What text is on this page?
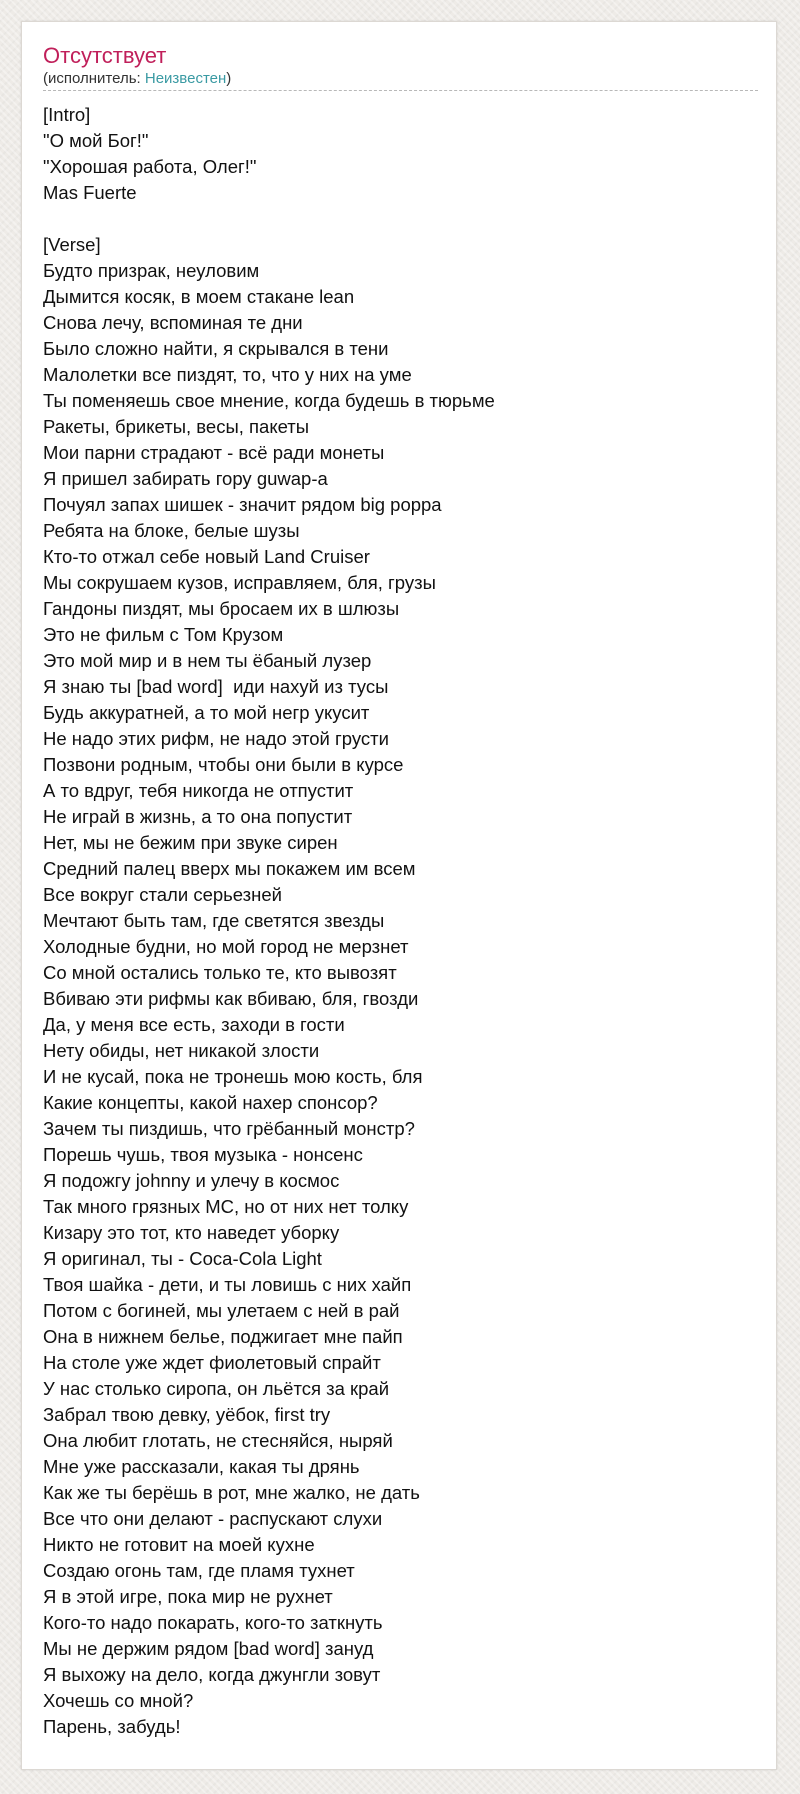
Отсутствует
(исполнитель: Неизвестен)
[Intro]
"О мой Бог!"
"Хорошая работа, Олег!"
Mas Fuerte
[Verse]
Будто призрак, неуловим
Дымится косяк, в моем стакане lean
Снова лечу, вспоминая те дни
Было сложно найти, я скрывался в тени
Малолетки все пиздят, то, что у них на уме
Ты поменяешь свое мнение, когда будешь в тюрьме
Ракеты, брикеты, весы, пакеты
Мои парни страдают - всё ради монеты
Я пришел забирать гору guwap-а
Почуял запах шишек - значит рядом big poppa
Ребята на блоке, белые шузы
Кто-то отжал себе новый Land Cruiser
Мы сокрушаем кузов, исправляем, бля, грузы
Гандоны пиздят, мы бросаем их в шлюзы
Это не фильм с Том Крузом
Это мой мир и в нем ты ёбаный лузер
Я знаю ты [bad word]  иди нахуй из тусы
Будь аккуратней, а то мой негр укусит
Не надо этих рифм, не надо этой грусти
Позвони родным, чтобы они были в курсе
А то вдруг, тебя никогда не отпустит
Не играй в жизнь, а то она попустит
Нет, мы не бежим при звуке сирен
Средний палец вверх мы покажем им всем
Все вокруг стали серьезней
Мечтают быть там, где светятся звезды
Холодные будни, но мой город не мерзнет
Со мной остались только те, кто вывозят
Вбиваю эти рифмы как вбиваю, бля, гвозди
Да, у меня все есть, заходи в гости
Нету обиды, нет никакой злости
И не кусай, пока не тронешь мою кость, бля
Какие концепты, какой нахер спонсор?
Зачем ты пиздишь, что грёбанный монстр?
Порешь чушь, твоя музыка - нонсенс
Я подожгу johnny и улечу в космос
Так много грязных МС, но от них нет толку
Кизару это тот, кто наведет уборку
Я оригинал, ты - Coca-Cola Light
Твоя шайка - дети, и ты ловишь с них хайп
Потом с богиней, мы улетаем с ней в рай
Она в нижнем белье, поджигает мне пайп
На столе уже ждет фиолетовый спрайт
У нас столько сиропа, он льётся за край
Забрал твою девку, уёбок, first try
Она любит глотать, не стесняйся, ныряй
Мне уже рассказали, какая ты дрянь
Как же ты берёшь в рот, мне жалко, не дать
Все что они делают - распускают слухи
Никто не готовит на моей кухне
Создаю огонь там, где пламя тухнет
Я в этой игре, пока мир не рухнет
Кого-то надо покарать, кого-то заткнуть
Мы не держим рядом [bad word] зануд
Я выхожу на дело, когда джунгли зовут
Хочешь со мной?
Парень, забудь!
